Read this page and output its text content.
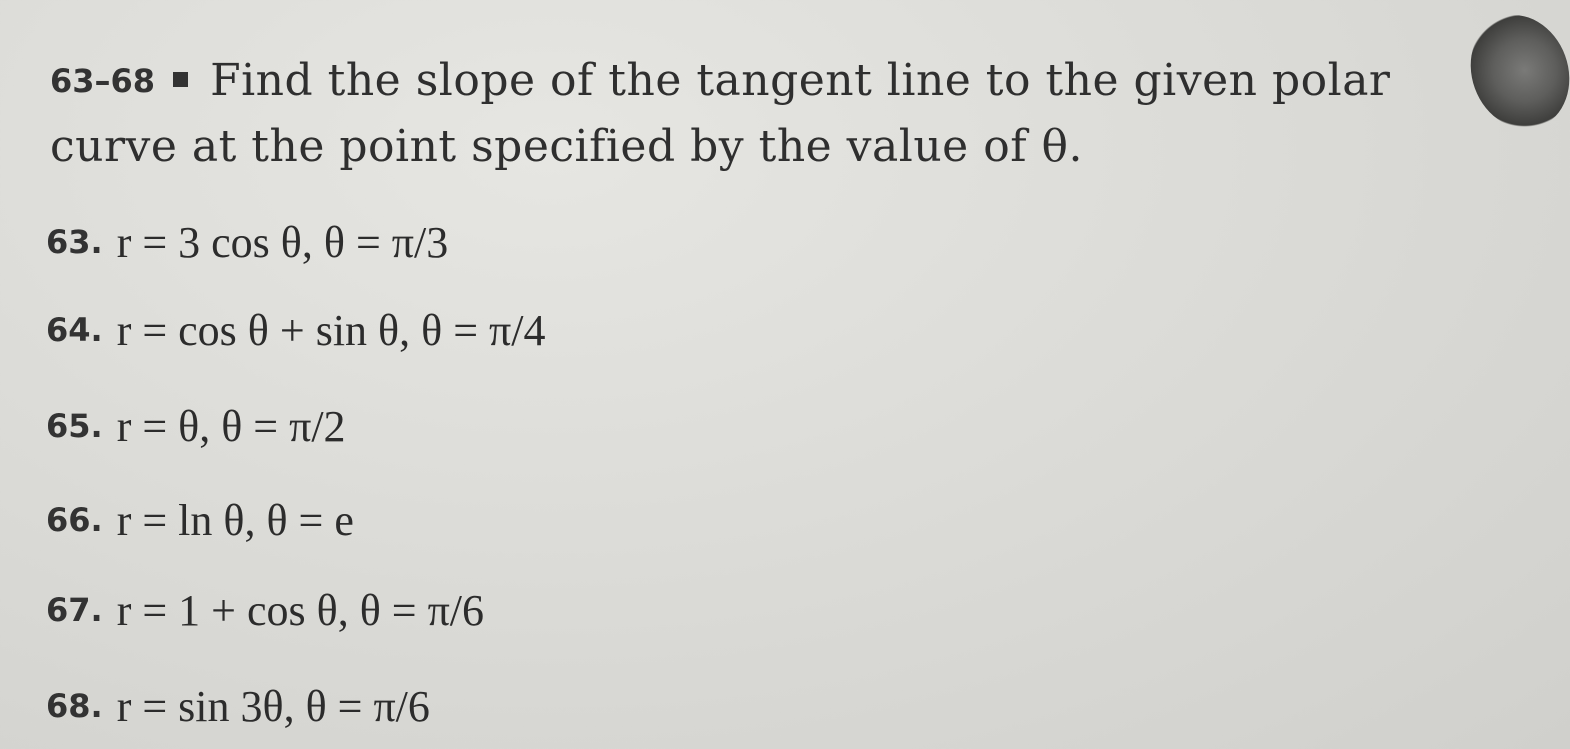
63–68 Find the slope of the tangent line to the given polar curve at the point specified by the value of θ.
63. r = 3 cos θ, θ = π/3
64. r = cos θ + sin θ, θ = π/4
65. r = θ, θ = π/2
66. r = ln θ, θ = e
67. r = 1 + cos θ, θ = π/6
68. r = sin 3θ, θ = π/6
